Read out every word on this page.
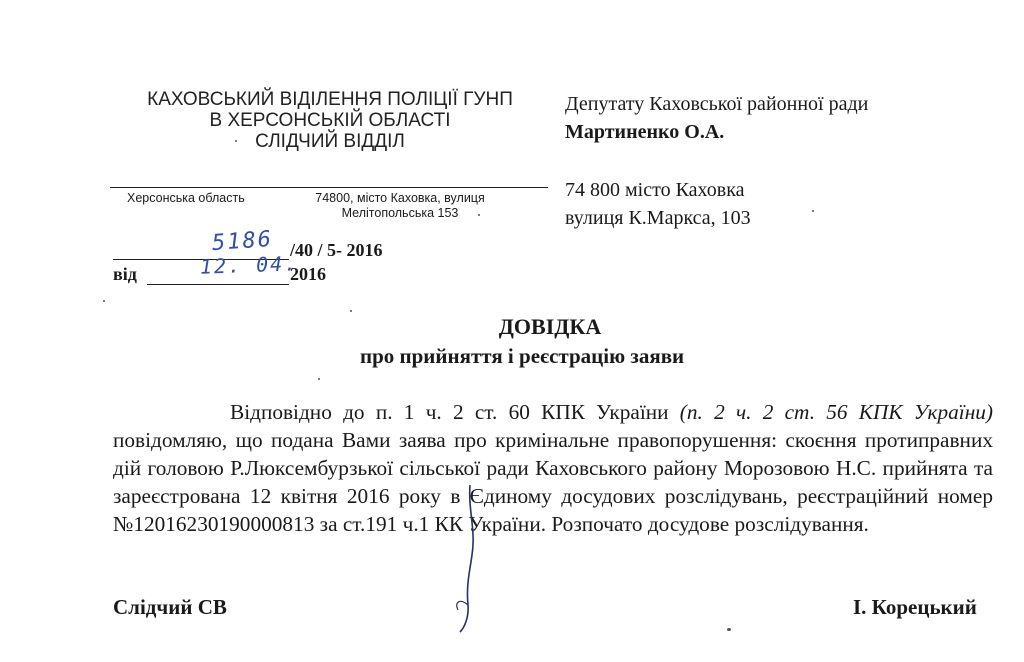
КАХОВСЬКИЙ ВІДІЛЕННЯ ПОЛІЦІЇ ГУНП
В ХЕРСОНСЬКІЙ ОБЛАСТІ
СЛІДЧИЙ ВІДДІЛ
Херсонська область	74800, місто Каховка, вулиця
Мелітопольська 153
Депутату Каховської районної ради
Мартиненко О.А.
74 800 місто Каховка
вулиця К.Маркса, 103
5186 /40 / 5- 2016
від	12. 04.
2016
ДОВІДКА
про прийняття і реєстрацію заяви
Відповідно до п. 1 ч. 2 ст. 60 КПК України (п. 2 ч. 2 ст. 56 КПК України) повідомляю, що подана Вами заява про кримінальне правопорушення: скоєння протиправних дій головою Р.Люксембурзької сільської ради Каховського району Морозовою Н.С. прийнята та зареєстрована 12 квітня 2016 року в Єдиному досудових розслідувань, реєстраційний номер №12016230190000813 за ст.191 ч.1 КК України. Розпочато досудове розслідування.
Слідчий СВ	І. Корецький
